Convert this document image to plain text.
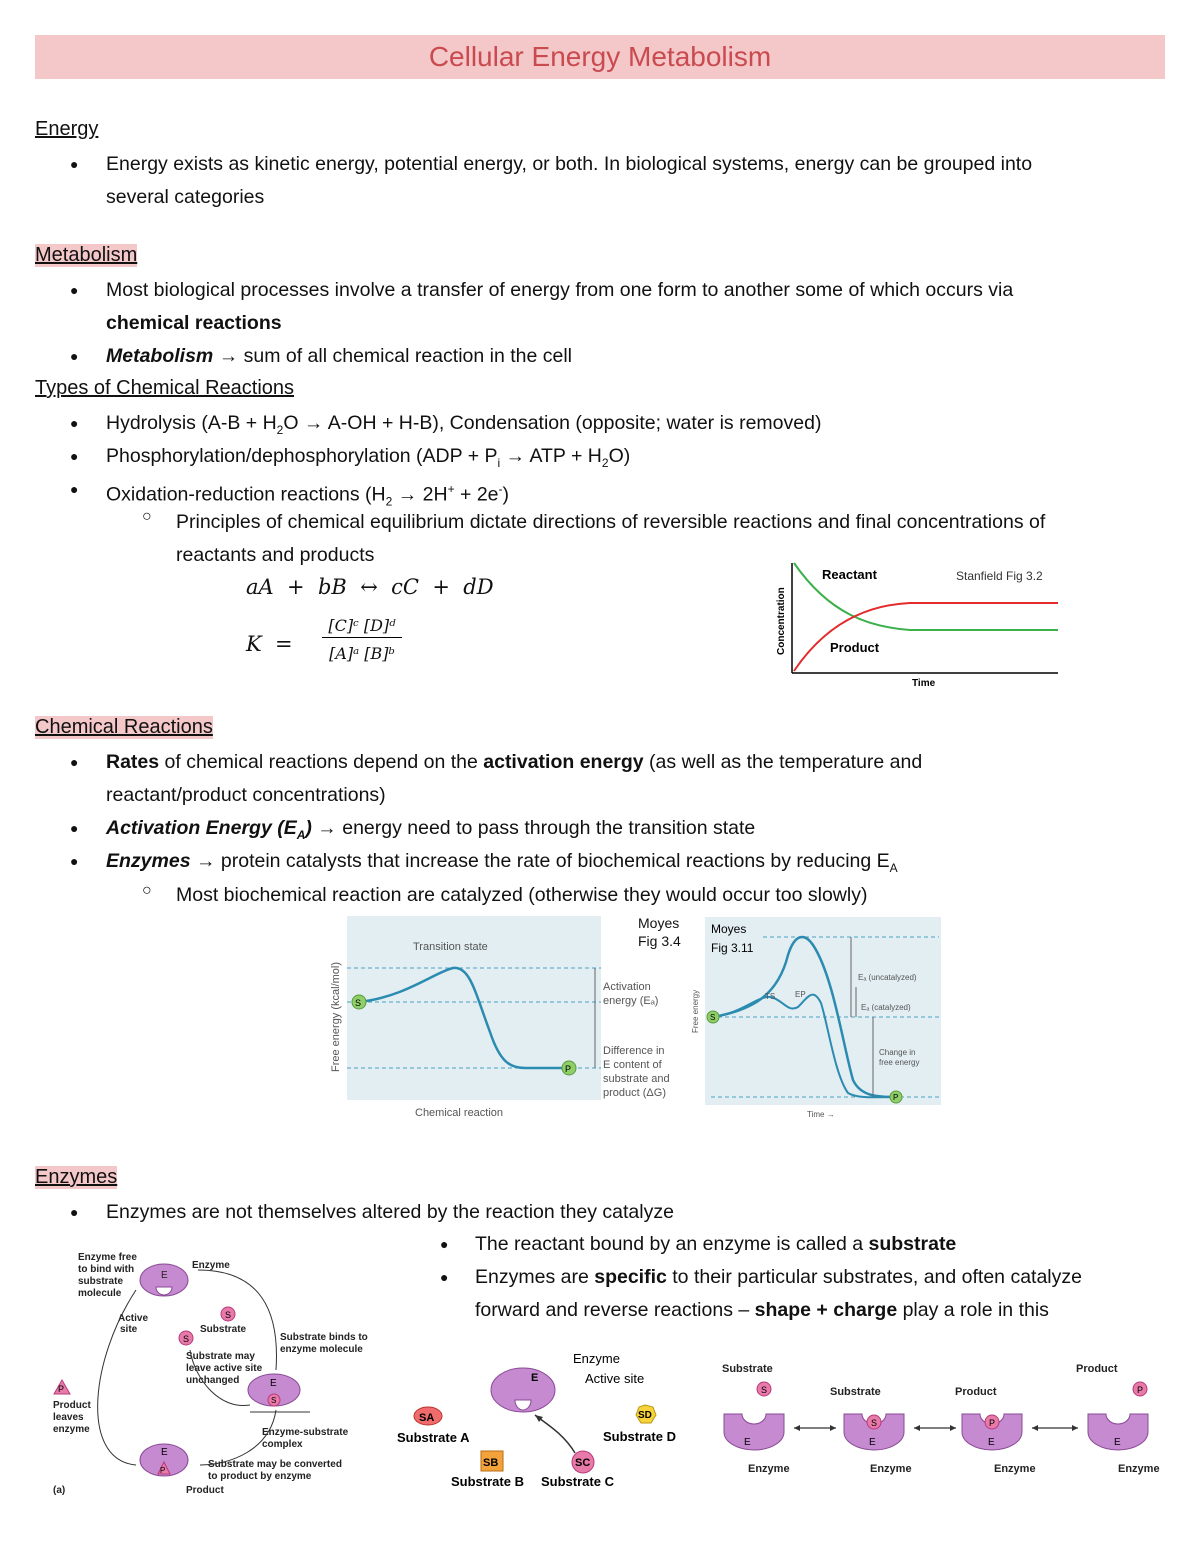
Cellular Energy Metabolism
Energy
● Energy exists as kinetic energy, potential energy, or both. In biological systems, energy can be grouped into
several categories
Metabolism
● Most biological processes involve a transfer of energy from one form to another some of which occurs via
chemical reactions
● Metabolism → sum of all chemical reaction in the cell
Types of Chemical Reactions
● Hydrolysis $(A-B + H_2O \to A-OH + H-B)$, Condensation (opposite; water is removed)
● Phosphorylation/dephosphorylation ($ADP + P_i$ → ATP + $H_2O$)
● Oxidation-reduction reactions $(H_2 \to 2H^+ + 2e^-)$
○ Principles of chemical equilibrium dictate directions of reversible reactions and final concentrations of
reactants and products
aA  +  bB  ↔  cC  +  dD
K  =
[C]ᶜ [D]ᵈ
[A]ᵃ [B]ᵇ
Reactant
Product
Stanfield Fig 3.2
Concentration
Time
Chemical Reactions
● Rates of chemical reactions depend on the activation energy (as well as the temperature and
reactant/product concentrations)
● Activation Energy $(E_A)$ → energy need to pass through the transition state
● Enzymes → protein catalysts that increase the rate of biochemical reactions by reducing $E_A$
○ Most biochemical reaction are catalyzed (otherwise they would occur too slowly)
S
P
Transition state
Activation
energy (Eₐ)
Difference in
E content of
substrate and
product (ΔG)
Free energy (kcal/mol)
Chemical reaction
Moyes
Fig 3.4
S
P
Moyes
Fig 3.11
TS EP
Eₐ (uncatalyzed)
Eₐ (catalyzed)
Change in
free energy
Free energy
Time →
Enzymes
● Enzymes are not themselves altered by the reaction they catalyze
● The reactant bound by an enzyme is called a substrate
● Enzymes are specific to their particular substrates, and often catalyze
forward and reverse reactions – shape + charge play a role in this
Enzyme free
to bind with
substrate
molecule
Enzyme
Active
site	Substrate
Substrate binds to
enzyme molecule
Substrate may
leave active site
unchanged
Enzyme-substrate
complex
Product
leaves
enzyme
Substrate may be converted
to product by enzyme
Product
(a)
E
S
S
E
S
E
P
P
E
Enzyme
Active site
SA
Substrate A
SB
Substrate B
SC
Substrate C
SD
Substrate D
Substrate
Substrate	Product
Product
Enzyme	Enzyme	Enzyme	Enzyme
S	P
E
S
E
P
E	E
